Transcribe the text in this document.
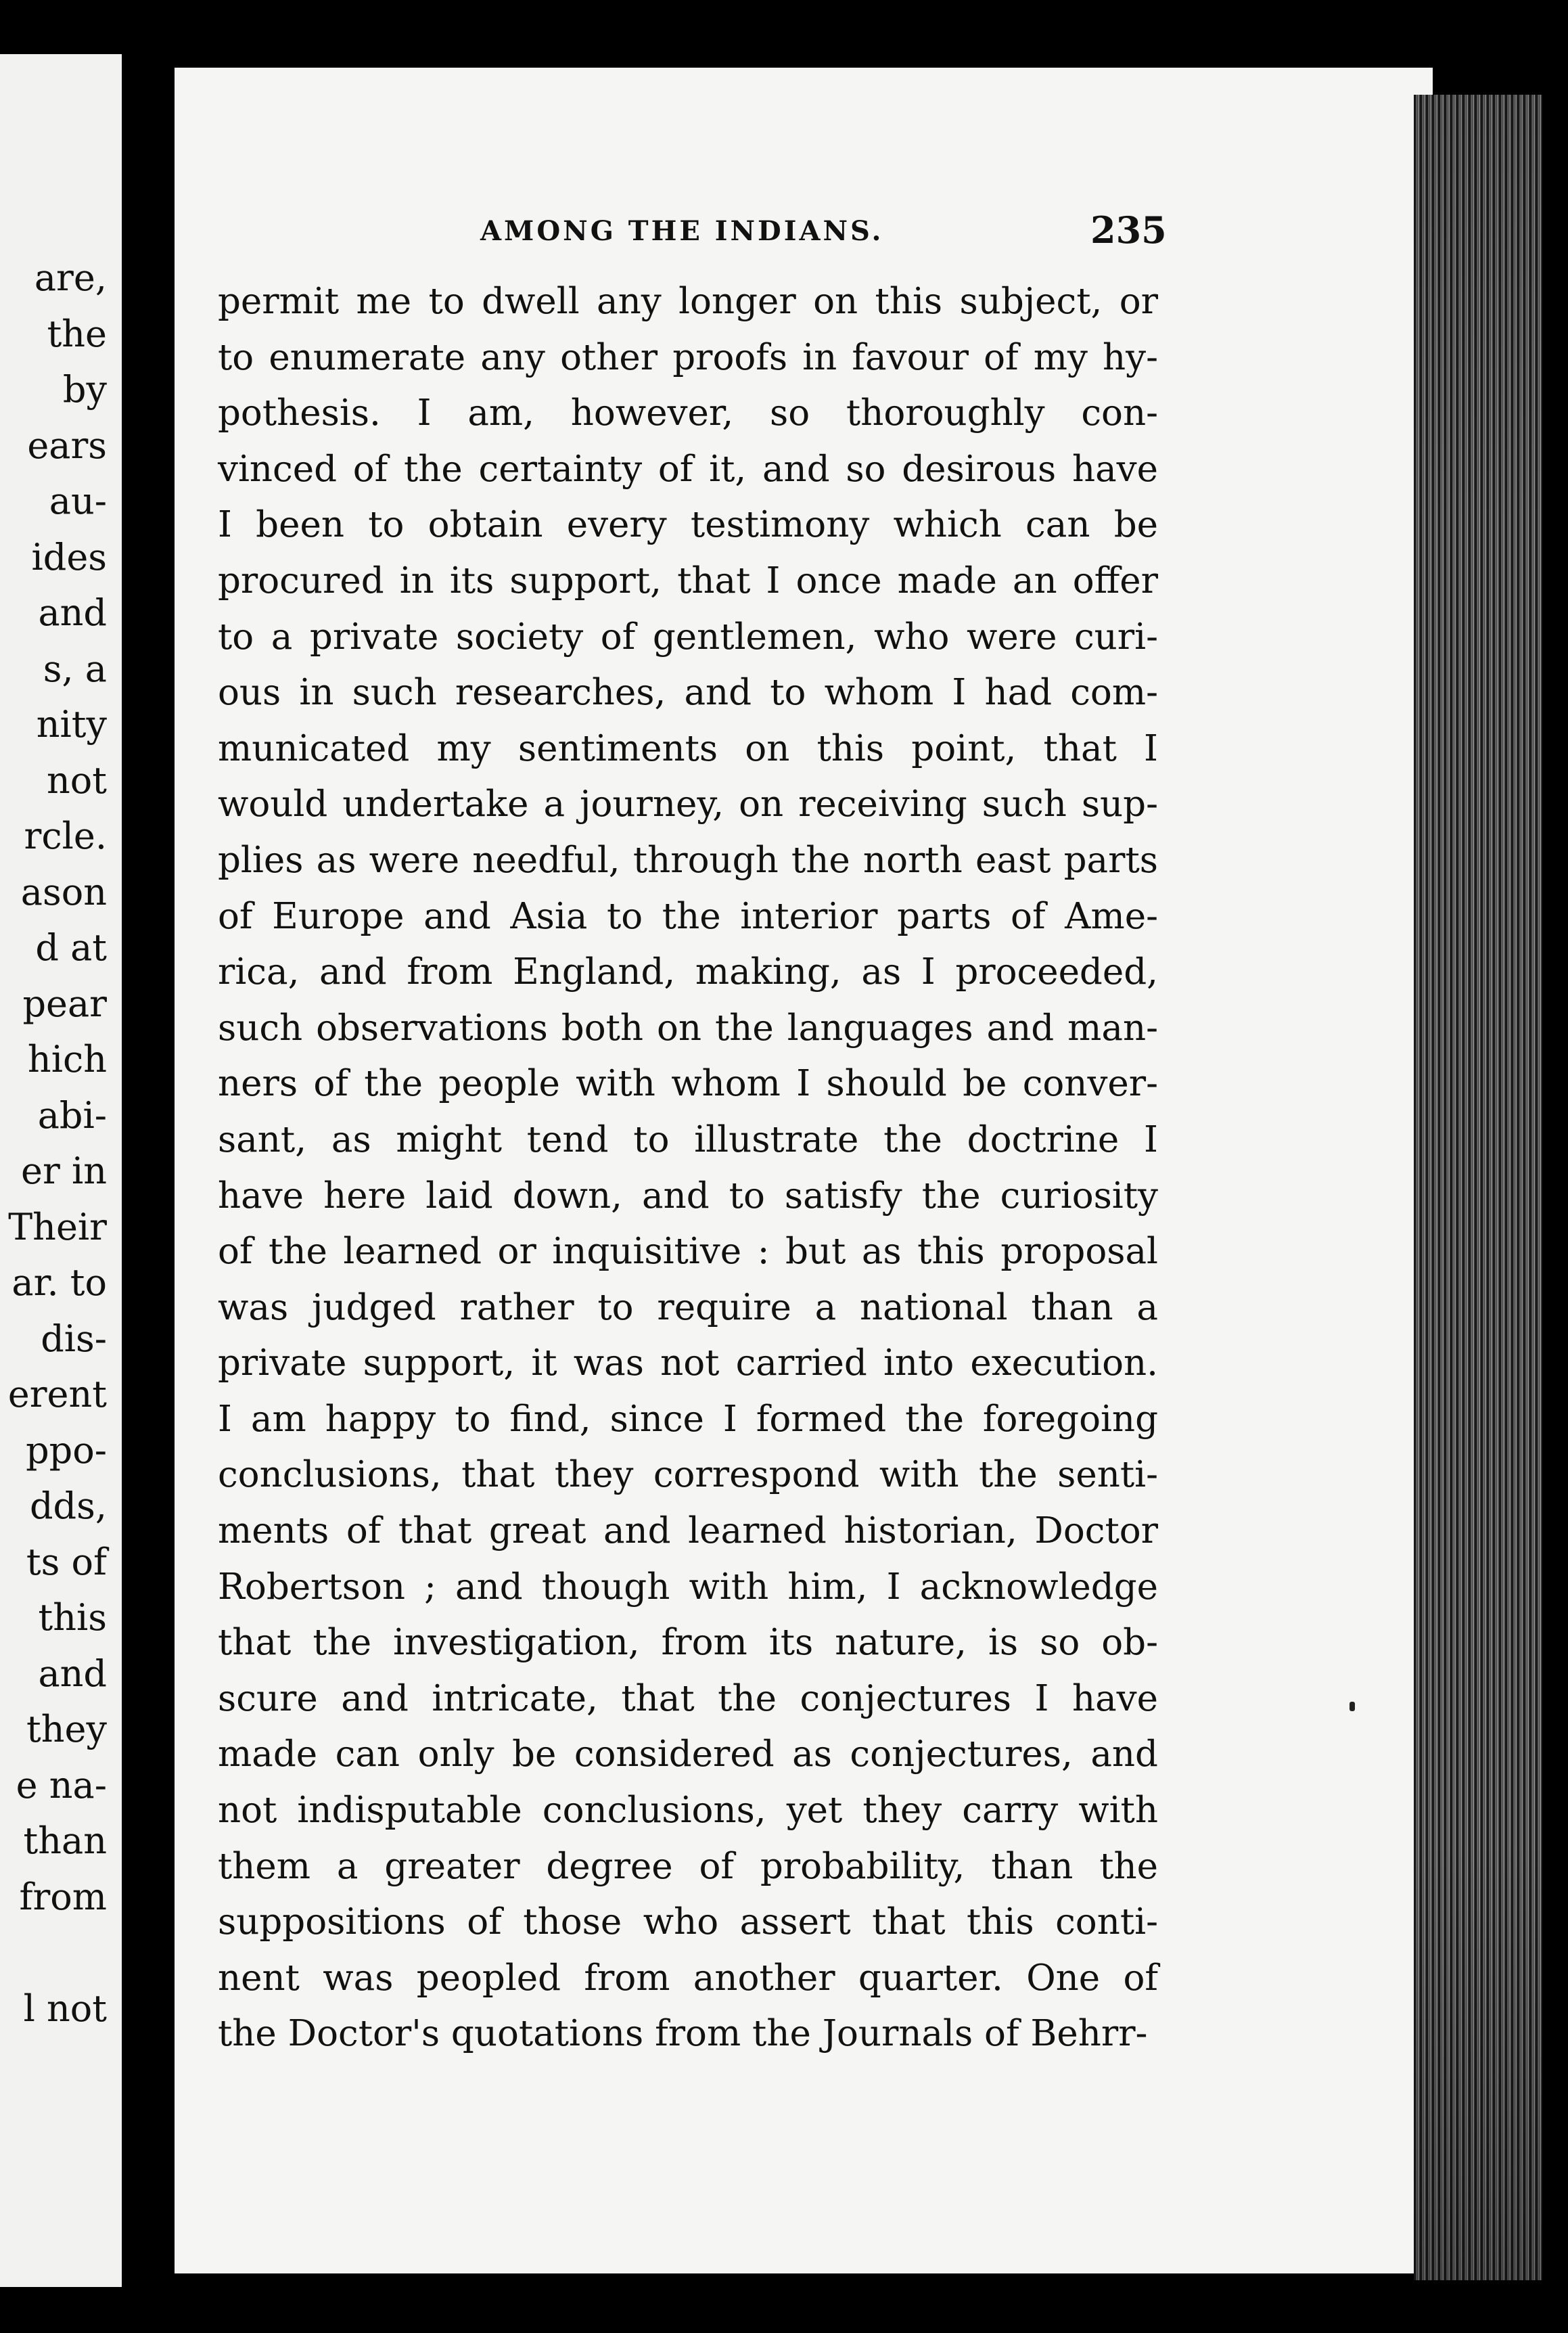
are,
the
by
ears
au-
ides
and
s, a
nity
not
rcle.
ason
d at
pear
hich
abi-
er in
Their
ar. to
dis-
erent
ppo-
dds,
ts of
this
and
they
e na-
than
from
l not
AMONG THE INDIANS.	235
permit me to dwell any longer on this subject, or
to enumerate any other proofs in favour of my hy-
pothesis. I am, however, so thoroughly con-
vinced of the certainty of it, and so desirous have
I been to obtain every testimony which can be
procured in its support, that I once made an offer
to a private society of gentlemen, who were curi-
ous in such researches, and to whom I had com-
municated my sentiments on this point, that I
would undertake a journey, on receiving such sup-
plies as were needful, through the north east parts
of Europe and Asia to the interior parts of Ame-
rica, and from England, making, as I proceeded,
such observations both on the languages and man-
ners of the people with whom I should be conver-
sant, as might tend to illustrate the doctrine I
have here laid down, and to satisfy the curiosity
of the learned or inquisitive : but as this proposal
was judged rather to require a national than a
private support, it was not carried into execution.
I am happy to find, since I formed the foregoing
conclusions, that they correspond with the senti-
ments of that great and learned historian, Doctor
Robertson ; and though with him, I acknowledge
that the investigation, from its nature, is so ob-
scure and intricate, that the conjectures I have
made can only be considered as conjectures, and
not indisputable conclusions, yet they carry with
them a greater degree of probability, than the
suppositions of those who assert that this conti-
nent was peopled from another quarter. One of
the Doctor's quotations from the Journals of Behrr-
